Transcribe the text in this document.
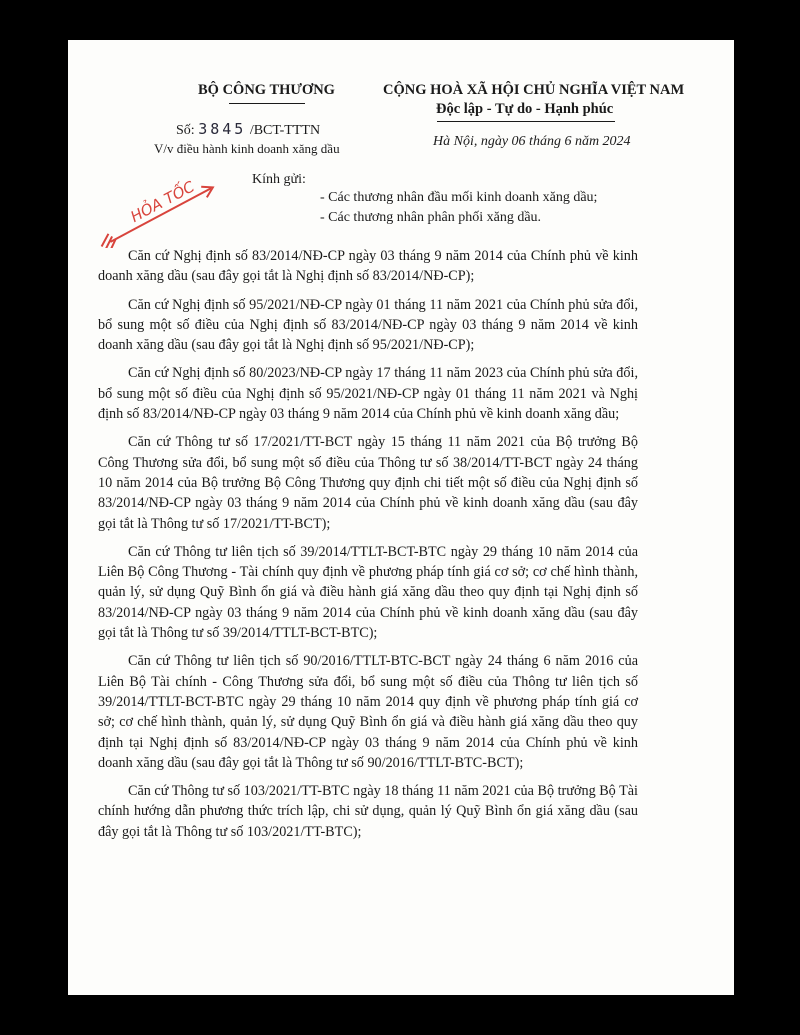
BỘ CÔNG THƯƠNG
Số: 3845 /BCT-TTTN
V/v điều hành kinh doanh xăng dầu
CỘNG HOÀ XÃ HỘI CHỦ NGHĨA VIỆT NAM
Độc lập - Tự do - Hạnh phúc
Hà Nội, ngày 06 tháng 6 năm 2024
HỎA TỐC	Kính gửi:
- Các thương nhân đầu mối kinh doanh xăng dầu;
- Các thương nhân phân phối xăng dầu.

Căn cứ Nghị định số 83/2014/NĐ-CP ngày 03 tháng 9 năm 2014 của Chính phủ về kinh doanh xăng dầu (sau đây gọi tắt là Nghị định số 83/2014/NĐ-CP);

Căn cứ Nghị định số 95/2021/NĐ-CP ngày 01 tháng 11 năm 2021 của Chính phủ sửa đổi, bổ sung một số điều của Nghị định số 83/2014/NĐ-CP ngày 03 tháng 9 năm 2014 về kinh doanh xăng dầu (sau đây gọi tắt là Nghị định số 95/2021/NĐ-CP);

Căn cứ Nghị định số 80/2023/NĐ-CP ngày 17 tháng 11 năm 2023 của Chính phủ sửa đổi, bổ sung một số điều của Nghị định số 95/2021/NĐ-CP ngày 01 tháng 11 năm 2021 và Nghị định số 83/2014/NĐ-CP ngày 03 tháng 9 năm 2014 của Chính phủ về kinh doanh xăng dầu;

Căn cứ Thông tư số 17/2021/TT-BCT ngày 15 tháng 11 năm 2021 của Bộ trưởng Bộ Công Thương sửa đổi, bổ sung một số điều của Thông tư số 38/2014/TT-BCT ngày 24 tháng 10 năm 2014 của Bộ trưởng Bộ Công Thương quy định chi tiết một số điều của Nghị định số 83/2014/NĐ-CP ngày 03 tháng 9 năm 2014 của Chính phủ về kinh doanh xăng dầu (sau đây gọi tắt là Thông tư số 17/2021/TT-BCT);

Căn cứ Thông tư liên tịch số 39/2014/TTLT-BCT-BTC ngày 29 tháng 10 năm 2014 của Liên Bộ Công Thương - Tài chính quy định về phương pháp tính giá cơ sở; cơ chế hình thành, quản lý, sử dụng Quỹ Bình ổn giá và điều hành giá xăng dầu theo quy định tại Nghị định số 83/2014/NĐ-CP ngày 03 tháng 9 năm 2014 của Chính phủ về kinh doanh xăng dầu (sau đây gọi tắt là Thông tư số 39/2014/TTLT-BCT-BTC);

Căn cứ Thông tư liên tịch số 90/2016/TTLT-BTC-BCT ngày 24 tháng 6 năm 2016 của Liên Bộ Tài chính - Công Thương sửa đổi, bổ sung một số điều của Thông tư liên tịch số 39/2014/TTLT-BCT-BTC ngày 29 tháng 10 năm 2014 quy định về phương pháp tính giá cơ sở; cơ chế hình thành, quản lý, sử dụng Quỹ Bình ổn giá và điều hành giá xăng dầu theo quy định tại Nghị định số 83/2014/NĐ-CP ngày 03 tháng 9 năm 2014 của Chính phủ về kinh doanh xăng dầu (sau đây gọi tắt là Thông tư số 90/2016/TTLT-BTC-BCT);

Căn cứ Thông tư số 103/2021/TT-BTC ngày 18 tháng 11 năm 2021 của Bộ trưởng Bộ Tài chính hướng dẫn phương thức trích lập, chi sử dụng, quản lý Quỹ Bình ổn giá xăng dầu (sau đây gọi tắt là Thông tư số 103/2021/TT-BTC);
